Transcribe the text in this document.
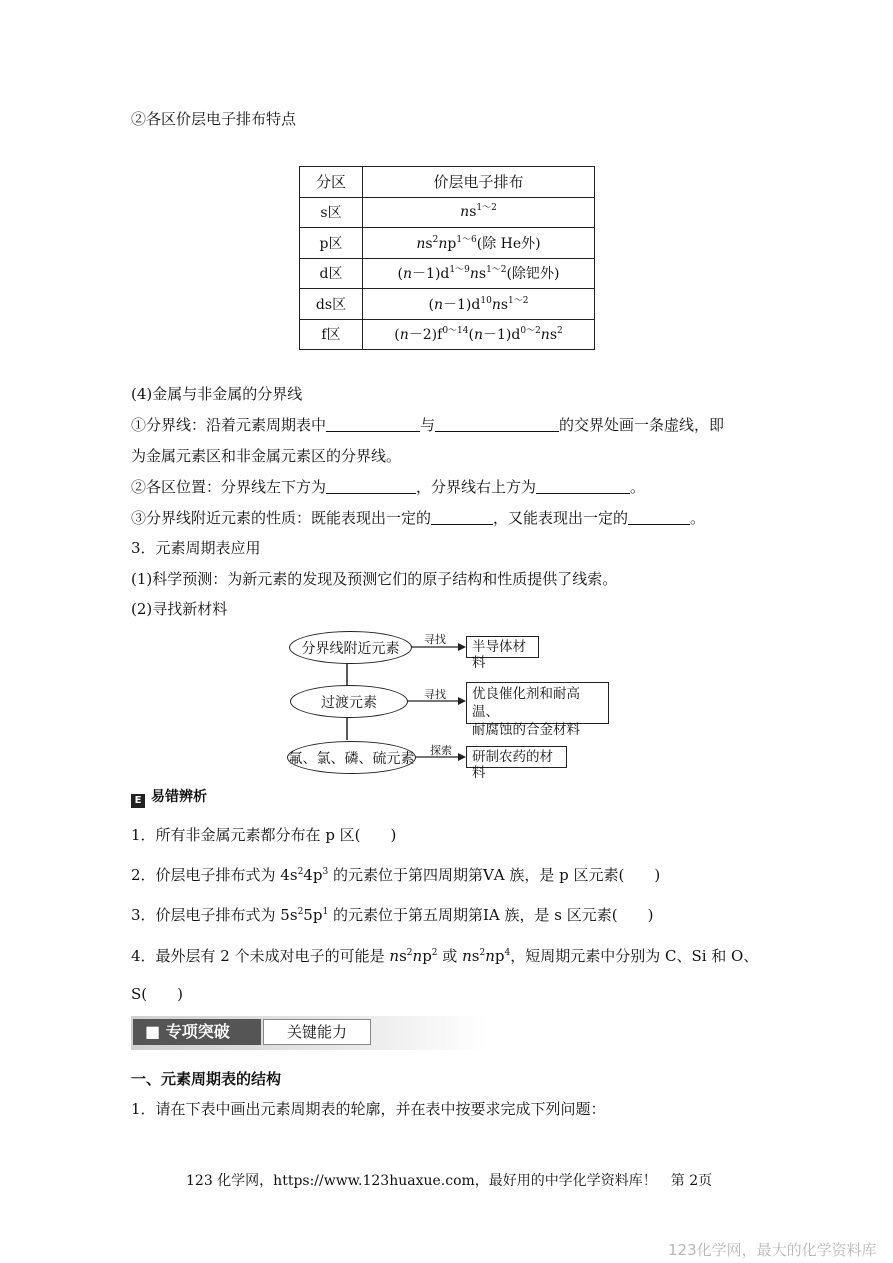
②各区价层电子排布特点
分区	价层电子排布
s区	$ns^{1\sim 2}$
p区	$ns^2np^{1\sim 6}$(除 He外)
d区	$(n-1)d^{1\sim 9}ns^{1\sim 2}$(除钯外)
ds区	$(n-1)d^{10}ns^{1\sim 2}$
f区	$(n-2)f^{0\sim 14}(n-1)d^{0\sim 2}ns^2$
(4)金属与非金属的分界线
①分界线：沿着元素周期表中	与	的交界处画一条虚线，即
为金属元素区和非金属元素区的分界线。
②各区位置：分界线左下方为	，分界线右上方为	。
③分界线附近元素的性质：既能表现出一定的	，又能表现出一定的	。
3．元素周期表应用
(1)科学预测：为新元素的发现及预测它们的原子结构和性质提供了线索。
(2)寻找新材料
分界线附近元素
过渡元素
氟、氯、磷、硫元素
寻找
寻找
探索
半导体材料
优良催化剂和耐高温、
耐腐蚀的合金材料
研制农药的材料
E 易错辨析
1．所有非金属元素都分布在 p 区(　　)
2．价层电子排布式为 $4s^24p^3$ 的元素位于第四周期第ⅤA 族，是 p 区元素(　　)
3．价层电子排布式为 $5s^25p^1$ 的元素位于第五周期第ⅠA 族，是 s 区元素(　　)
4．最外层有 2 个未成对电子的可能是 $ns^2np^2$ 或 $ns^2np^4$，短周期元素中分别为 C、Si 和 O、
S(　　)
■ 专项突破	关键能力
一、元素周期表的结构
1．请在下表中画出元素周期表的轮廓，并在表中按要求完成下列问题：
123 化学网，https://www.123huaxue.com，最好用的中学化学资料库！　第 2页
123化学网，最大的化学资料库
